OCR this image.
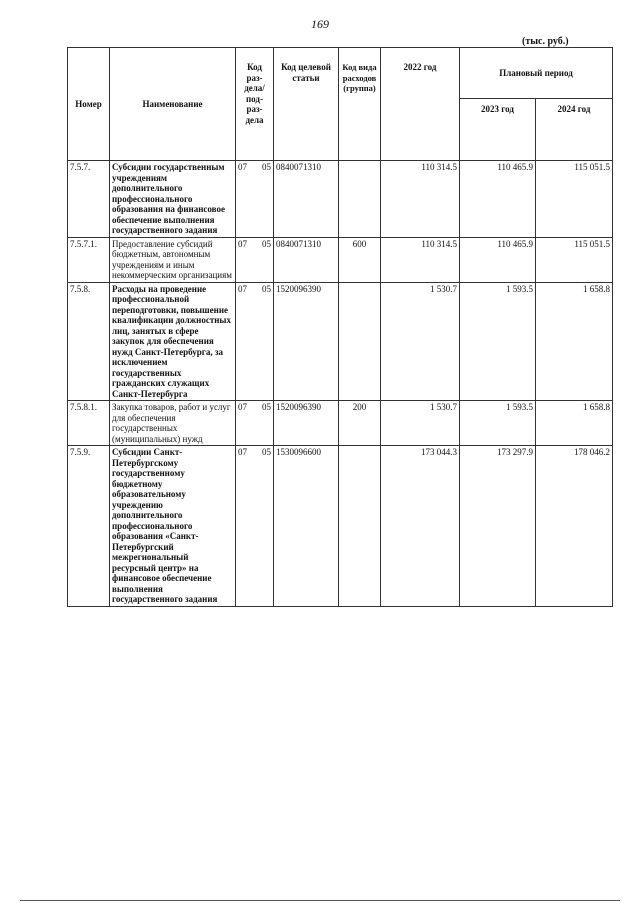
169
(тыс. руб.)
Номер	Наименование	Код раз-дела/ под-раз-дела	Код целевой статьи	Код вида расходов (группа)	2022 год	Плановый период	
						2023 год	2024 год
7.5.7.	Субсидии государственным учреждениям дополнительного профессионального образования на финансовое обеспечение выполнения государственного задания	07 05	0840071310		110 314.5	110 465.9	115 051.5
7.5.7.1.	Предоставление субсидий бюджетным, автономным учреждениям и иным некоммерческим организациям	07 05	0840071310	600	110 314.5	110 465.9	115 051.5
7.5.8.	Расходы на проведение профессиональной переподготовки, повышение квалификации должностных лиц, занятых в сфере закупок для обеспечения нужд Санкт-Петербурга, за исключением государственных гражданских служащих Санкт-Петербурга	07 05	1520096390		1 530.7	1 593.5	1 658.8
7.5.8.1.	Закупка товаров, работ и услуг для обеспечения государственных (муниципальных) нужд	07 05	1520096390	200	1 530.7	1 593.5	1 658.8
7.5.9.	Субсидии Санкт-Петербургскому государственному бюджетному образовательному учреждению дополнительного профессионального образования «Санкт-Петербургский межрегиональный ресурсный центр» на финансовое обеспечение выполнения государственного задания	07 05	1530096600		173 044.3	173 297.9	178 046.2
